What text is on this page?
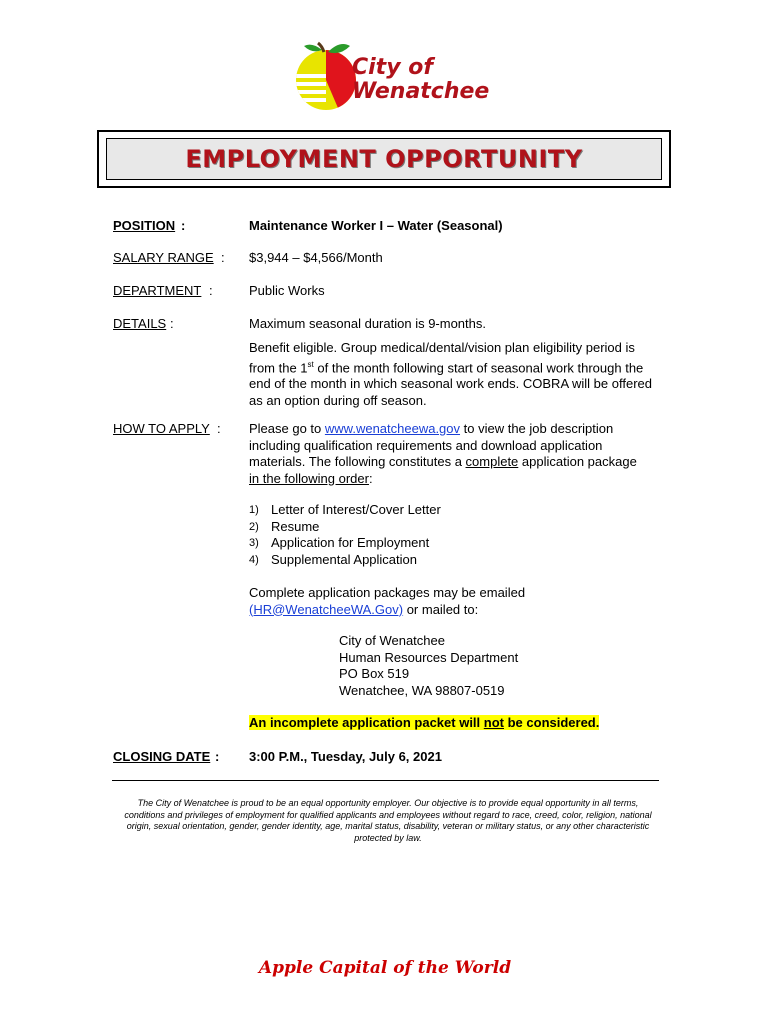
City of
Wenatchee
EMPLOYMENT OPPORTUNITY
POSITION :	Maintenance Worker I – Water (Seasonal)
SALARY RANGE : $3,944 – $4,566/Month
DEPARTMENT :	Public Works
DETAILS :	Maximum seasonal duration is 9-months.
Benefit eligible. Group medical/dental/vision plan eligibility period is from the 1st of the month following start of seasonal work through the end of the month in which seasonal work ends. COBRA will be offered as an option during off season.
HOW TO APPLY : Please go to www.wenatcheewa.gov to view the job description including qualification requirements and download application materials. The following constitutes a complete application package in the following order:
1) Letter of Interest/Cover Letter
2) Resume
3) Application for Employment
4) Supplemental Application
Complete application packages may be emailed
(HR@WenatcheeWA.Gov) or mailed to:
City of Wenatchee
Human Resources Department
PO Box 519
Wenatchee, WA 98807-0519
An incomplete application packet will not be considered.
CLOSING DATE : 3:00 P.M., Tuesday, July 6, 2021
The City of Wenatchee is proud to be an equal opportunity employer. Our objective is to provide equal opportunity in all terms, conditions and privileges of employment for qualified applicants and employees without regard to race, creed, color, religion, national origin, sexual orientation, gender, gender identity, age, marital status, disability, veteran or military status, or any other characteristic protected by law.
Apple Capital of the World
